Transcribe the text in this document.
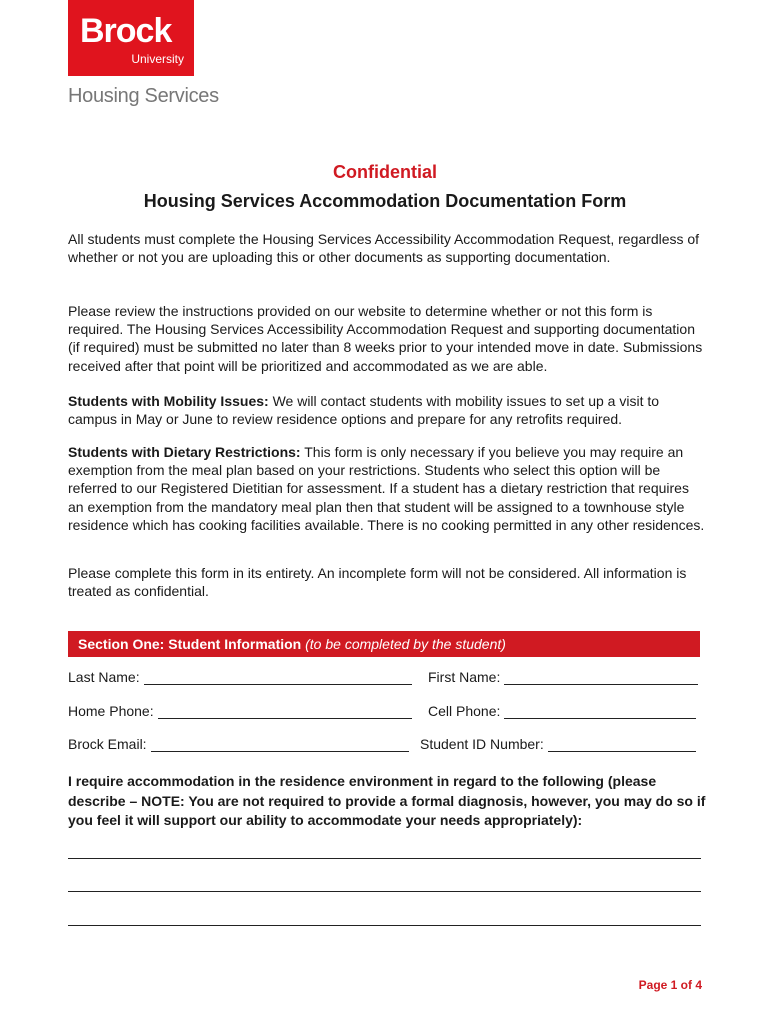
Brock
University
Housing Services
Confidential
Housing Services Accommodation Documentation Form

All students must complete the Housing Services Accessibility Accommodation Request, regardless of whether or not you are uploading this or other documents as supporting documentation.

Please review the instructions provided on our website to determine whether or not this form is required. The Housing Services Accessibility Accommodation Request and supporting documentation (if required) must be submitted no later than 8 weeks prior to your intended move in date. Submissions received after that point will be prioritized and accommodated as we are able.

Students with Mobility Issues: We will contact students with mobility issues to set up a visit to campus in May or June to review residence options and prepare for any retrofits required.

Students with Dietary Restrictions: This form is only necessary if you believe you may require an exemption from the meal plan based on your restrictions. Students who select this option will be referred to our Registered Dietitian for assessment. If a student has a dietary restriction that requires an exemption from the mandatory meal plan then that student will be assigned to a townhouse style residence which has cooking facilities available. There is no cooking permitted in any other residences.

Please complete this form in its entirety. An incomplete form will not be considered. All information is treated as confidential.

Section One: Student Information (to be completed by the student)
Last Name:	First Name:
Home Phone:	Cell Phone:
Brock Email:	Student ID Number:

I require accommodation in the residence environment in regard to the following (please describe – NOTE: You are not required to provide a formal diagnosis, however, you may do so if you feel it will support our ability to accommodate your needs appropriately):

Page 1 of 4
